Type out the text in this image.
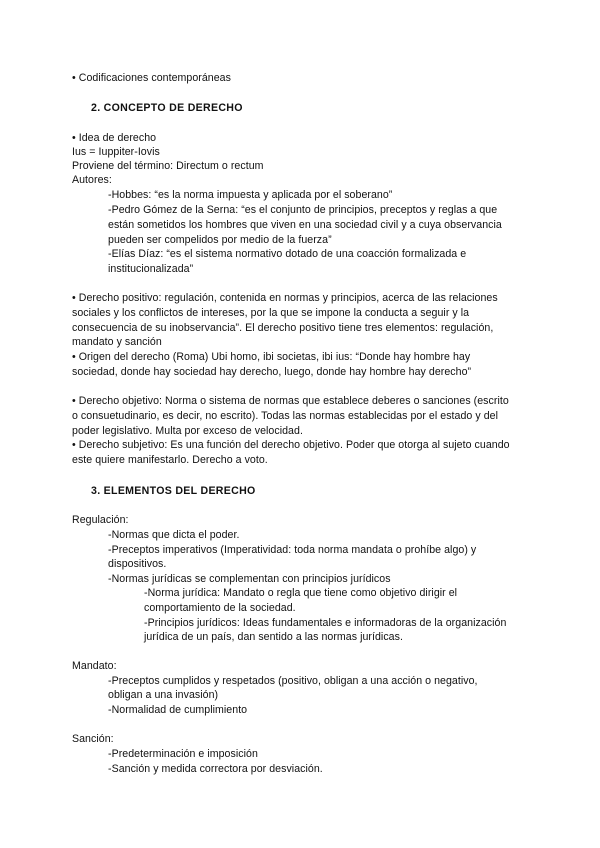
• Codificaciones contemporáneas
2. CONCEPTO DE DERECHO
• Idea de derecho
Ius = Iuppiter-Iovis
Proviene del término: Directum o rectum
Autores:
-Hobbes: “es la norma impuesta y aplicada por el soberano”
-Pedro Gómez de la Serna: “es el conjunto de principios, preceptos y reglas a que
están sometidos los hombres que viven en una sociedad civil y a cuya observancia
pueden ser compelidos por medio de la fuerza”
-Elías Díaz: “es el sistema normativo dotado de una coacción formalizada e
institucionalizada”
• Derecho positivo: regulación, contenida en normas y principios, acerca de las relaciones
sociales y los conflictos de intereses, por la que se impone la conducta a seguir y la
consecuencia de su inobservancia”. El derecho positivo tiene tres elementos: regulación,
mandato y sanción
• Origen del derecho (Roma) Ubi homo, ibi societas, ibi ius: “Donde hay hombre hay
sociedad, donde hay sociedad hay derecho, luego, donde hay hombre hay derecho”
• Derecho objetivo: Norma o sistema de normas que establece deberes o sanciones (escrito
o consuetudinario, es decir, no escrito). Todas las normas establecidas por el estado y del
poder legislativo. Multa por exceso de velocidad.
• Derecho subjetivo: Es una función del derecho objetivo. Poder que otorga al sujeto cuando
este quiere manifestarlo. Derecho a voto.
3. ELEMENTOS DEL DERECHO
Regulación:
-Normas que dicta el poder.
-Preceptos imperativos (Imperatividad: toda norma mandata o prohíbe algo) y
dispositivos.
-Normas jurídicas se complementan con principios jurídicos
-Norma jurídica: Mandato o regla que tiene como objetivo dirigir el
comportamiento de la sociedad.
-Principios jurídicos: Ideas fundamentales e informadoras de la organización
jurídica de un país, dan sentido a las normas jurídicas.
Mandato:
-Preceptos cumplidos y respetados (positivo, obligan a una acción o negativo,
obligan a una invasión)
-Normalidad de cumplimiento
Sanción:
-Predeterminación e imposición
-Sanción y medida correctora por desviación.
